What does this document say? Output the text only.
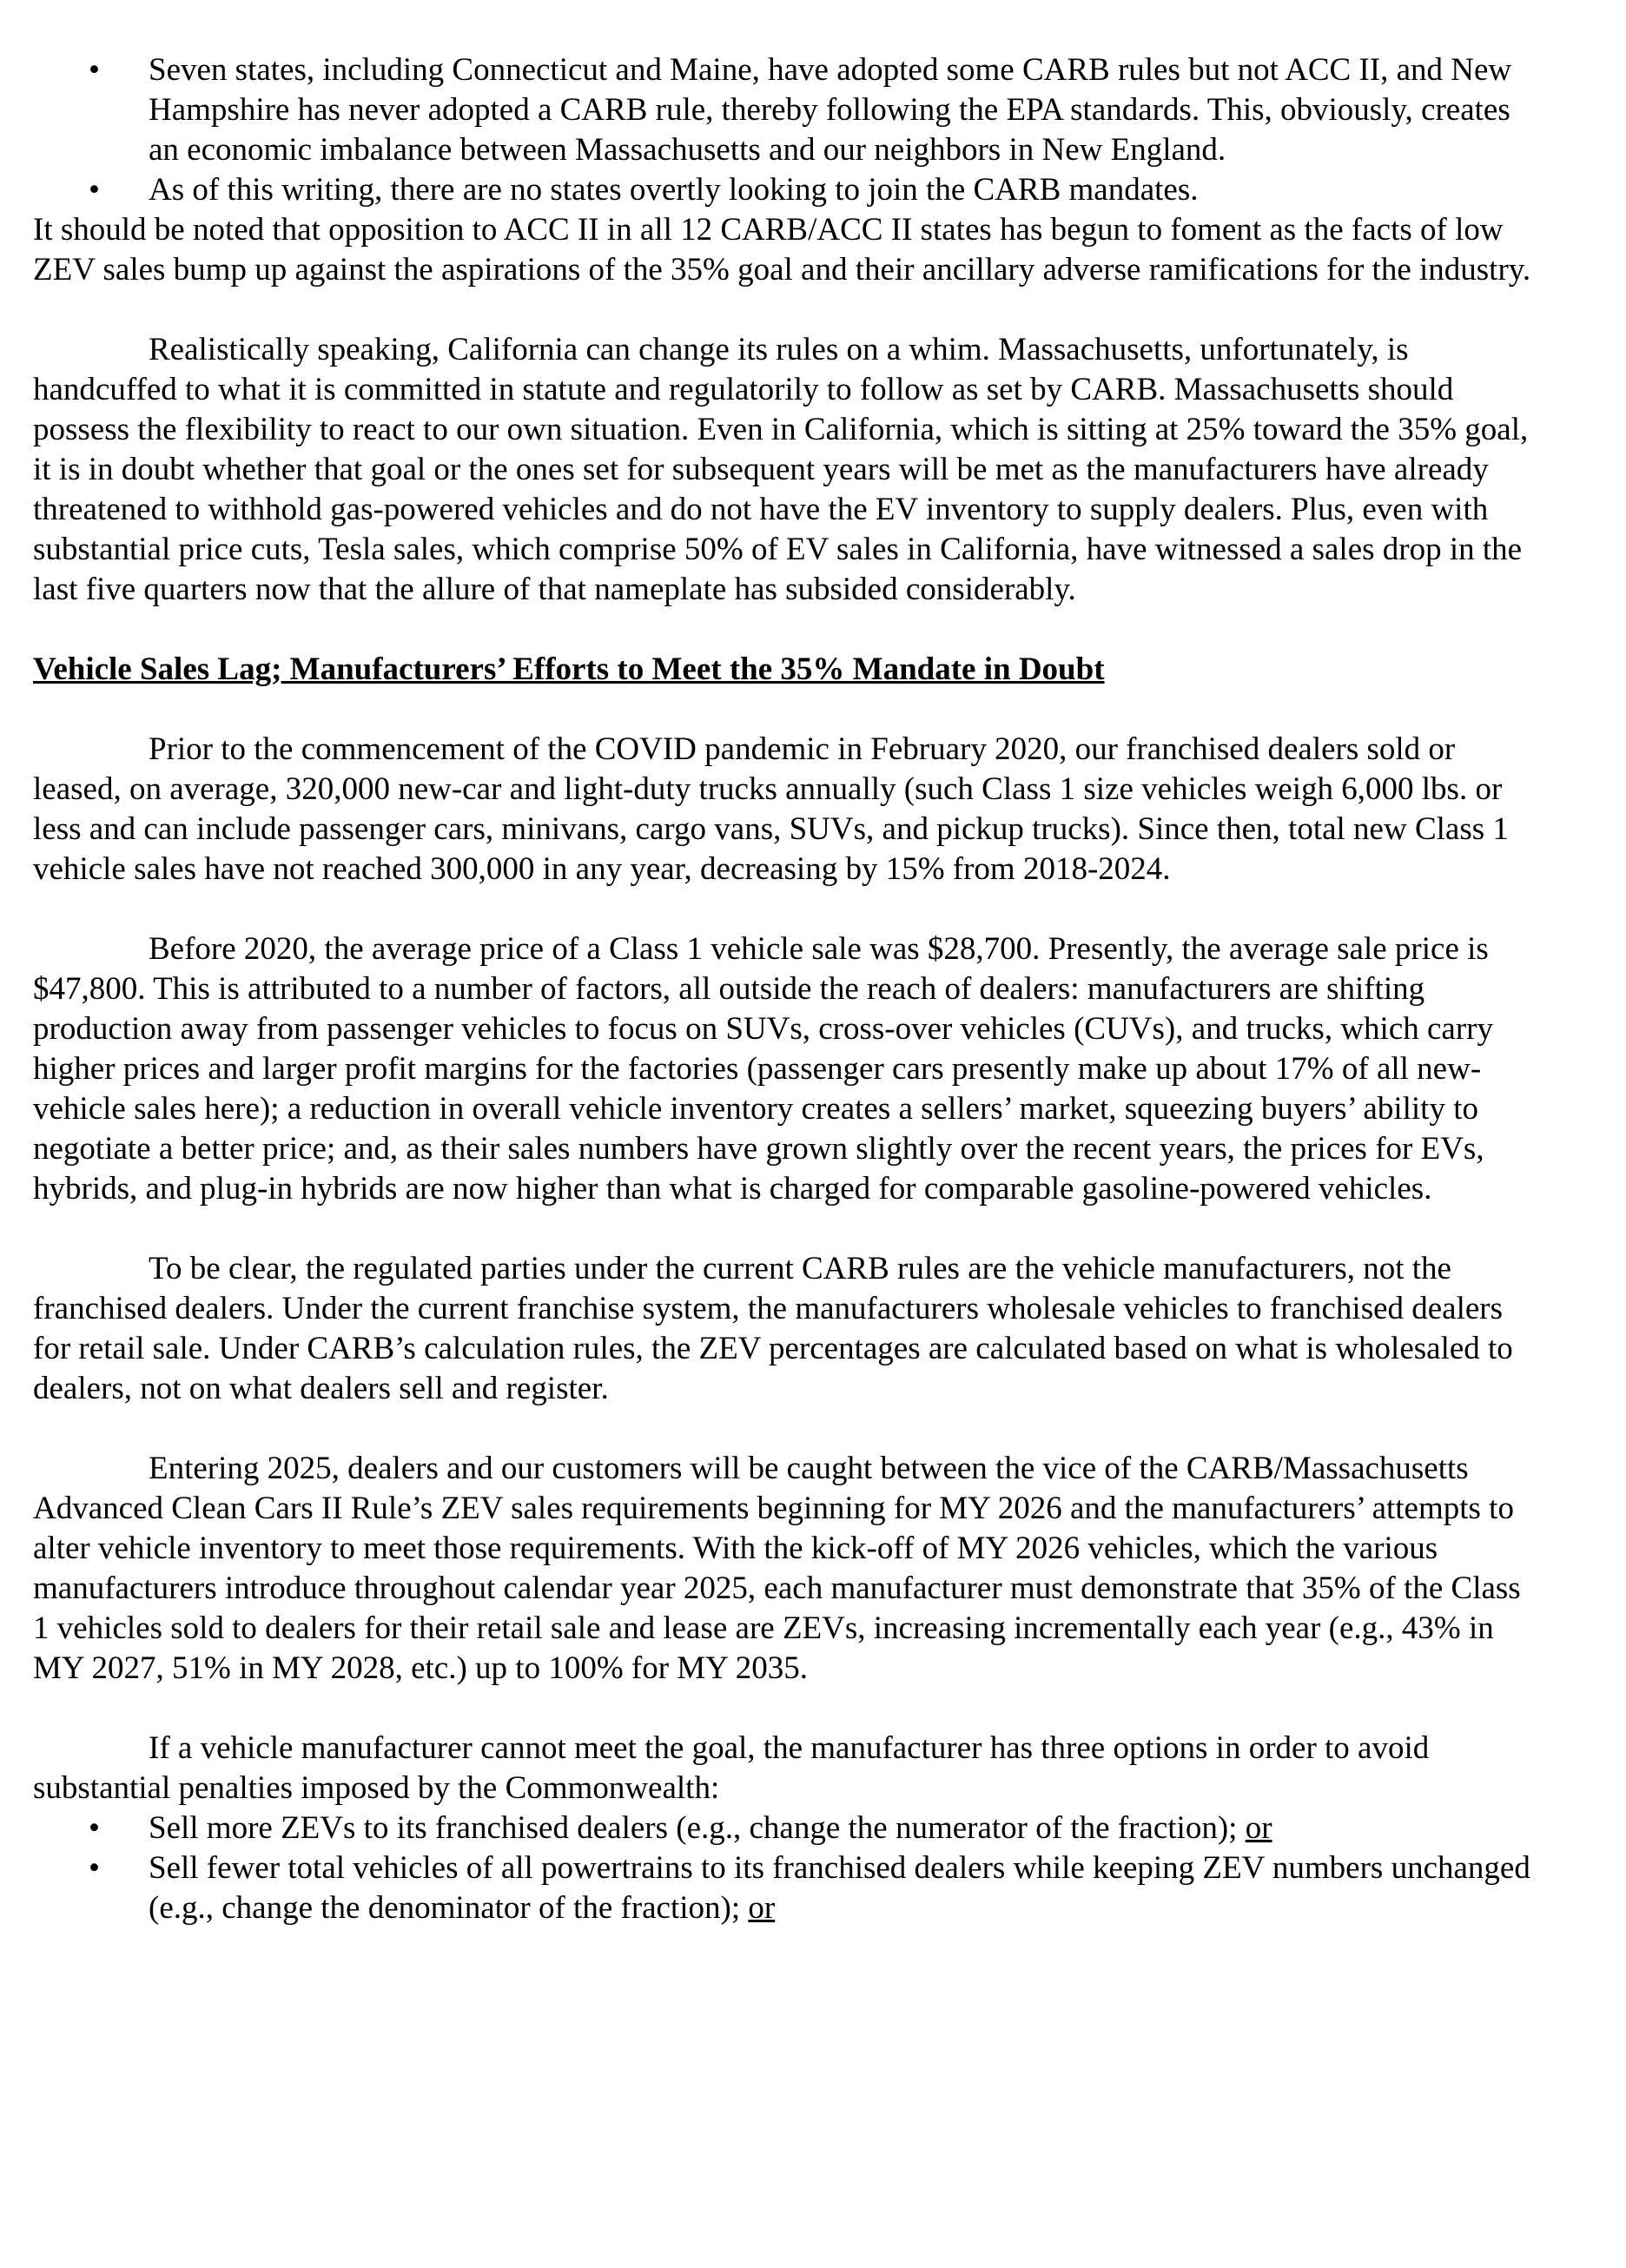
• Seven states, including Connecticut and Maine, have adopted some CARB rules but not ACC II, and New Hampshire has never adopted a CARB rule, thereby following the EPA standards. This, obviously, creates an economic imbalance between Massachusetts and our neighbors in New England.
• As of this writing, there are no states overtly looking to join the CARB mandates.

It should be noted that opposition to ACC II in all 12 CARB/ACC II states has begun to foment as the facts of low ZEV sales bump up against the aspirations of the 35% goal and their ancillary adverse ramifications for the industry.

Realistically speaking, California can change its rules on a whim. Massachusetts, unfortunately, is handcuffed to what it is committed in statute and regulatorily to follow as set by CARB. Massachusetts should possess the flexibility to react to our own situation. Even in California, which is sitting at 25% toward the 35% goal, it is in doubt whether that goal or the ones set for subsequent years will be met as the manufacturers have already threatened to withhold gas-powered vehicles and do not have the EV inventory to supply dealers. Plus, even with substantial price cuts, Tesla sales, which comprise 50% of EV sales in California, have witnessed a sales drop in the last five quarters now that the allure of that nameplate has subsided considerably.

Vehicle Sales Lag; Manufacturers’ Efforts to Meet the 35% Mandate in Doubt

Prior to the commencement of the COVID pandemic in February 2020, our franchised dealers sold or leased, on average, 320,000 new-car and light-duty trucks annually (such Class 1 size vehicles weigh 6,000 lbs. or less and can include passenger cars, minivans, cargo vans, SUVs, and pickup trucks). Since then, total new Class 1 vehicle sales have not reached 300,000 in any year, decreasing by 15% from 2018-2024.

Before 2020, the average price of a Class 1 vehicle sale was $28,700. Presently, the average sale price is $47,800. This is attributed to a number of factors, all outside the reach of dealers: manufacturers are shifting production away from passenger vehicles to focus on SUVs, cross-over vehicles (CUVs), and trucks, which carry higher prices and larger profit margins for the factories (passenger cars presently make up about 17% of all new-vehicle sales here); a reduction in overall vehicle inventory creates a sellers’ market, squeezing buyers’ ability to negotiate a better price; and, as their sales numbers have grown slightly over the recent years, the prices for EVs, hybrids, and plug-in hybrids are now higher than what is charged for comparable gasoline-powered vehicles.

To be clear, the regulated parties under the current CARB rules are the vehicle manufacturers, not the franchised dealers. Under the current franchise system, the manufacturers wholesale vehicles to franchised dealers for retail sale. Under CARB’s calculation rules, the ZEV percentages are calculated based on what is wholesaled to dealers, not on what dealers sell and register.

Entering 2025, dealers and our customers will be caught between the vice of the CARB/Massachusetts Advanced Clean Cars II Rule’s ZEV sales requirements beginning for MY 2026 and the manufacturers’ attempts to alter vehicle inventory to meet those requirements. With the kick-off of MY 2026 vehicles, which the various manufacturers introduce throughout calendar year 2025, each manufacturer must demonstrate that 35% of the Class 1 vehicles sold to dealers for their retail sale and lease are ZEVs, increasing incrementally each year (e.g., 43% in MY 2027, 51% in MY 2028, etc.) up to 100% for MY 2035.

If a vehicle manufacturer cannot meet the goal, the manufacturer has three options in order to avoid substantial penalties imposed by the Commonwealth:

• Sell more ZEVs to its franchised dealers (e.g., change the numerator of the fraction); or
• Sell fewer total vehicles of all powertrains to its franchised dealers while keeping ZEV numbers unchanged (e.g., change the denominator of the fraction); or
